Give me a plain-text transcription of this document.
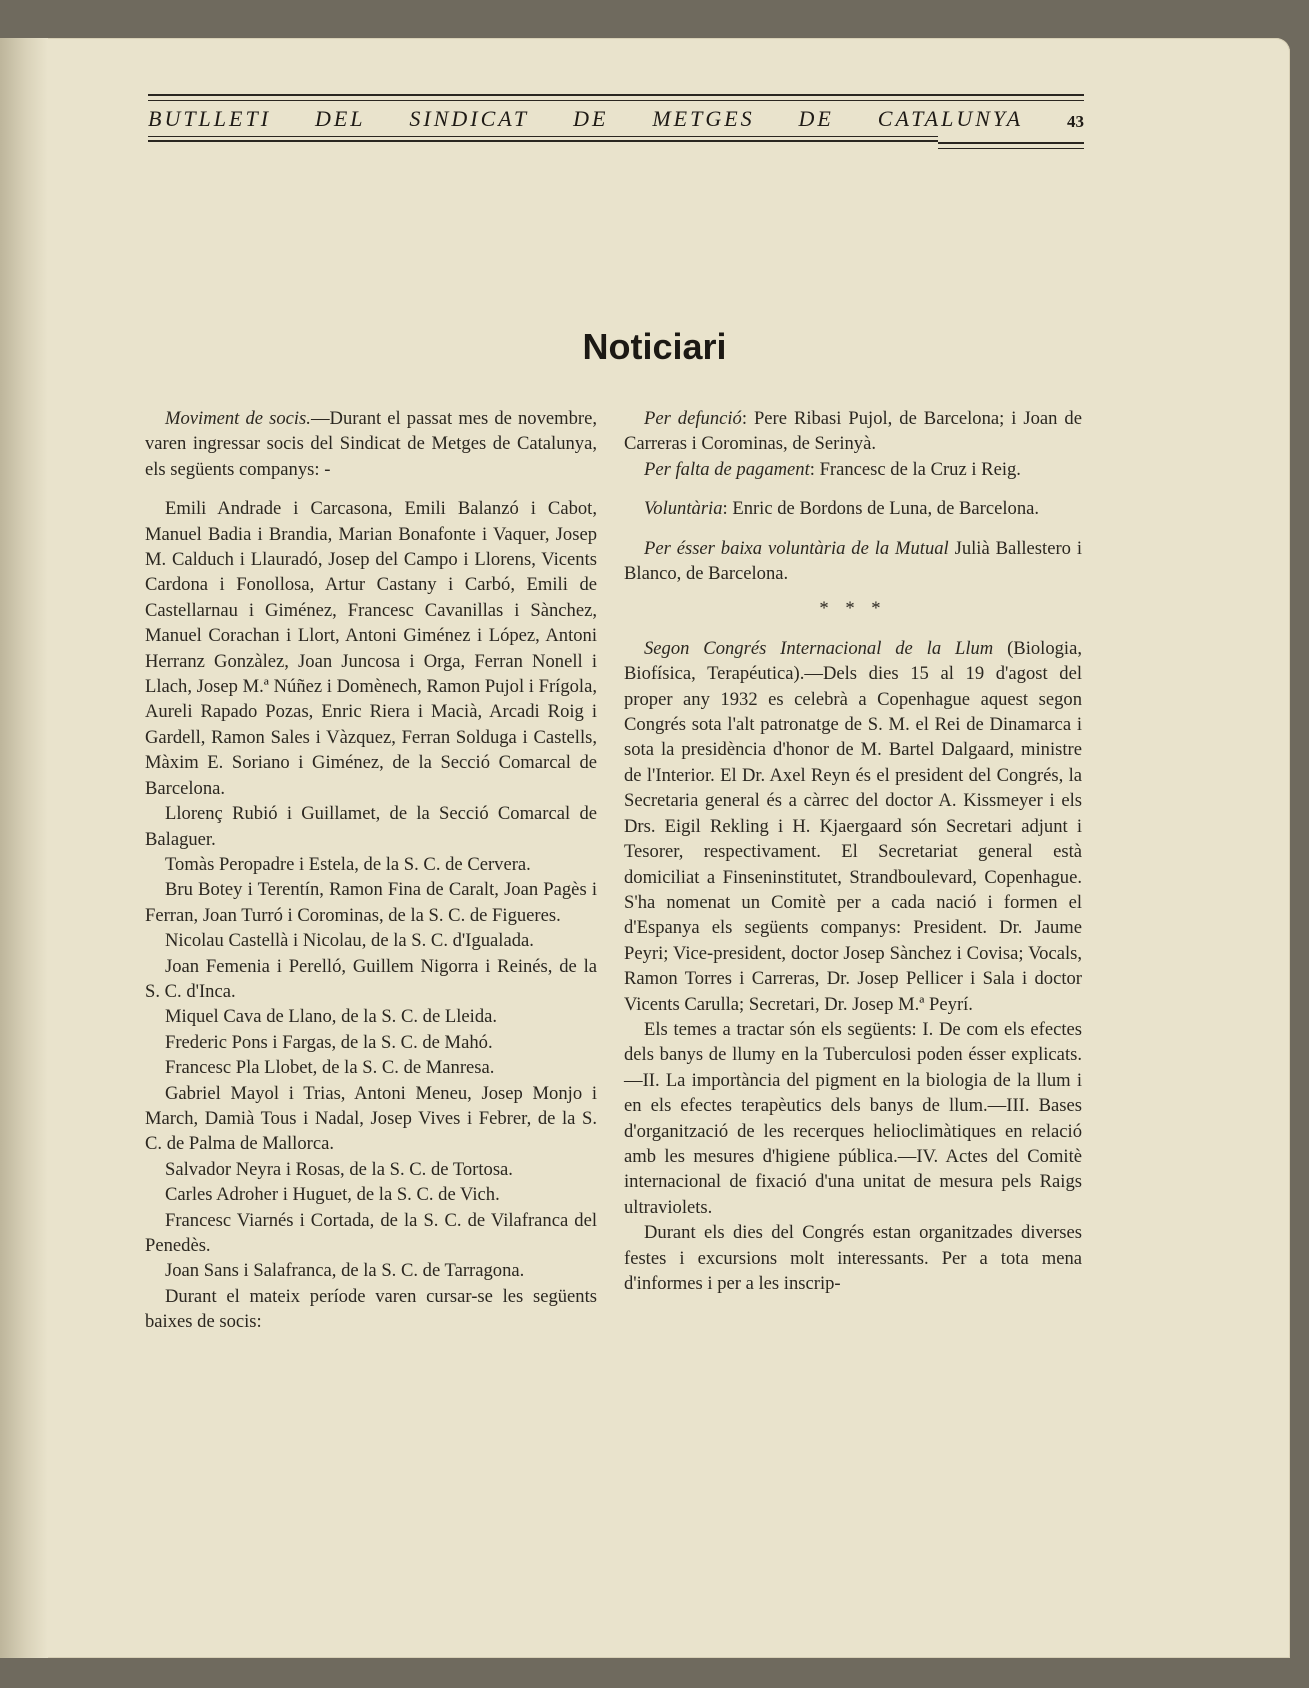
BUTLLETI DEL SINDICAT DE METGES DE CATALUNYA	43
Noticiari

Moviment de socis.—Durant el passat mes de novembre, varen ingressar socis del Sindicat de Metges de Catalunya, els següents companys: -

Emili Andrade i Carcasona, Emili Balanzó i Cabot, Manuel Badia i Brandia, Marian Bonafonte i Vaquer, Josep M. Calduch i Llauradó, Josep del Campo i Llorens, Vicents Cardona i Fonollosa, Artur Castany i Carbó, Emili de Castellarnau i Giménez, Francesc Cavanillas i Sànchez, Manuel Corachan i Llort, Antoni Giménez i López, Antoni Herranz Gonzàlez, Joan Juncosa i Orga, Ferran Nonell i Llach, Josep M.ª Núñez i Domènech, Ramon Pujol i Frígola, Aureli Rapado Pozas, Enric Riera i Macià, Arcadi Roig i Gardell, Ramon Sales i Vàzquez, Ferran Solduga i Castells, Màxim E. Soriano i Giménez, de la Secció Comarcal de Barcelona.

Llorenç Rubió i Guillamet, de la Secció Comarcal de Balaguer.

Tomàs Peropadre i Estela, de la S. C. de Cervera.

Bru Botey i Terentín, Ramon Fina de Caralt, Joan Pagès i Ferran, Joan Turró i Corominas, de la S. C. de Figueres.

Nicolau Castellà i Nicolau, de la S. C. d'Igualada.

Joan Femenia i Perelló, Guillem Nigorra i Reinés, de la S. C. d'Inca.

Miquel Cava de Llano, de la S. C. de Lleida.

Frederic Pons i Fargas, de la S. C. de Mahó.

Francesc Pla Llobet, de la S. C. de Manresa.

Gabriel Mayol i Trias, Antoni Meneu, Josep Monjo i March, Damià Tous i Nadal, Josep Vives i Febrer, de la S. C. de Palma de Mallorca.

Salvador Neyra i Rosas, de la S. C. de Tortosa.

Carles Adroher i Huguet, de la S. C. de Vich.

Francesc Viarnés i Cortada, de la S. C. de Vilafranca del Penedès.

Joan Sans i Salafranca, de la S. C. de Tarragona.

Durant el mateix període varen cursar-se les següents baixes de socis:

Per defunció: Pere Ribasi Pujol, de Barcelona; i Joan de Carreras i Corominas, de Serinyà.

Per falta de pagament: Francesc de la Cruz i Reig.

Voluntària: Enric de Bordons de Luna, de Barcelona.

Per ésser baixa voluntària de la Mutual Julià Ballestero i Blanco, de Barcelona.

* * *

Segon Congrés Internacional de la Llum (Biologia, Biofísica, Terapéutica).—Dels dies 15 al 19 d'agost del proper any 1932 es celebrà a Copenhague aquest segon Congrés sota l'alt patronatge de S. M. el Rei de Dinamarca i sota la presidència d'honor de M. Bartel Dalgaard, ministre de l'Interior. El Dr. Axel Reyn és el president del Congrés, la Secretaria general és a càrrec del doctor A. Kissmeyer i els Drs. Eigil Rekling i H. Kjaergaard són Secretari adjunt i Tesorer, respectivament. El Secretariat general està domiciliat a Finseninstitutet, Strandboulevard, Copenhague. S'ha nomenat un Comitè per a cada nació i formen el d'Espanya els següents companys: President. Dr. Jaume Peyri; Vice-president, doctor Josep Sànchez i Covisa; Vocals, Ramon Torres i Carreras, Dr. Josep Pellicer i Sala i doctor Vicents Carulla; Secretari, Dr. Josep M.ª Peyrí.

Els temes a tractar són els següents: I. De com els efectes dels banys de llumy en la Tuberculosi poden ésser explicats.—II. La importància del pigment en la biologia de la llum i en els efectes terapèutics dels banys de llum.—III. Bases d'organització de les recerques helioclimàtiques en relació amb les mesures d'higiene pública.—IV. Actes del Comitè internacional de fixació d'una unitat de mesura pels Raigs ultraviolets.

Durant els dies del Congrés estan organitzades diverses festes i excursions molt interessants. Per a tota mena d'informes i per a les inscrip-
